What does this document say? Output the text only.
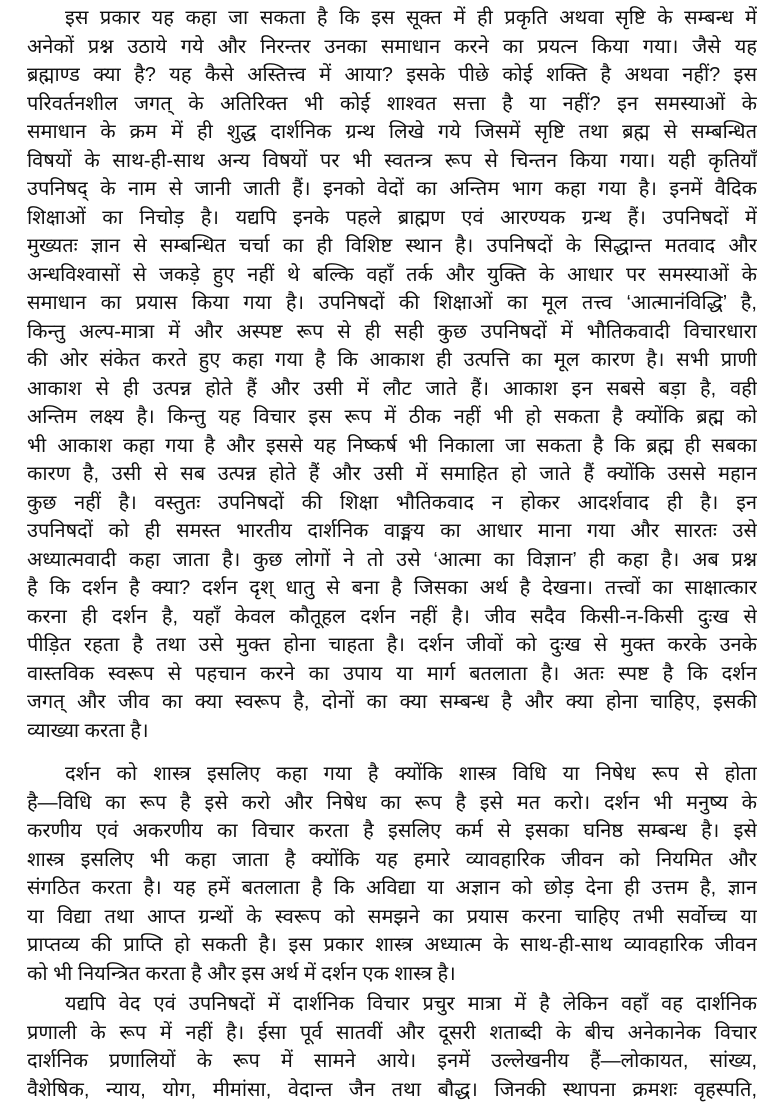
इस प्रकार यह कहा जा सकता है कि इस सूक्त में ही प्रकृति अथवा सृष्टि के सम्बन्ध में
अनेकों प्रश्न उठाये गये और निरन्तर उनका समाधान करने का प्रयत्न किया गया। जैसे यह
ब्रह्माण्ड क्या है? यह कैसे अस्तित्त्व में आया? इसके पीछे कोई शक्ति है अथवा नहीं? इस
परिवर्तनशील जगत् के अतिरिक्त भी कोई शाश्वत सत्ता है या नहीं? इन समस्याओं के
समाधान के क्रम में ही शुद्ध दार्शनिक ग्रन्थ लिखे गये जिसमें सृष्टि तथा ब्रह्म से सम्बन्धित
विषयों के साथ-ही-साथ अन्य विषयों पर भी स्वतन्त्र रूप से चिन्तन किया गया। यही कृतियाँ
उपनिषद् के नाम से जानी जाती हैं। इनको वेदों का अन्तिम भाग कहा गया है। इनमें वैदिक
शिक्षाओं का निचोड़ है। यद्यपि इनके पहले ब्राह्मण एवं आरण्यक ग्रन्थ हैं। उपनिषदों में
मुख्यतः ज्ञान से सम्बन्धित चर्चा का ही विशिष्ट स्थान है। उपनिषदों के सिद्धान्त मतवाद और
अन्धविश्वासों से जकड़े हुए नहीं थे बल्कि वहाँ तर्क और युक्ति के आधार पर समस्याओं के
समाधान का प्रयास किया गया है। उपनिषदों की शिक्षाओं का मूल तत्त्व ‘आत्मानंविद्धि’ है,
किन्तु अल्प-मात्रा में और अस्पष्ट रूप से ही सही कुछ उपनिषदों में भौतिकवादी विचारधारा
की ओर संकेत करते हुए कहा गया है कि आकाश ही उत्पत्ति का मूल कारण है। सभी प्राणी
आकाश से ही उत्पन्न होते हैं और उसी में लौट जाते हैं। आकाश इन सबसे बड़ा है, वही
अन्तिम लक्ष्य है। किन्तु यह विचार इस रूप में ठीक नहीं भी हो सकता है क्योंकि ब्रह्म को
भी आकाश कहा गया है और इससे यह निष्कर्ष भी निकाला जा सकता है कि ब्रह्म ही सबका
कारण है, उसी से सब उत्पन्न होते हैं और उसी में समाहित हो जाते हैं क्योंकि उससे महान
कुछ नहीं है। वस्तुतः उपनिषदों की शिक्षा भौतिकवाद न होकर आदर्शवाद ही है। इन
उपनिषदों को ही समस्त भारतीय दार्शनिक वाङ्मय का आधार माना गया और सारतः उसे
अध्यात्मवादी कहा जाता है। कुछ लोगों ने तो उसे ‘आत्मा का विज्ञान’ ही कहा है। अब प्रश्न
है कि दर्शन है क्या? दर्शन दृश् धातु से बना है जिसका अर्थ है देखना। तत्त्वों का साक्षात्कार
करना ही दर्शन है, यहाँ केवल कौतूहल दर्शन नहीं है। जीव सदैव किसी-न-किसी दुःख से
पीड़ित रहता है तथा उसे मुक्त होना चाहता है। दर्शन जीवों को दुःख से मुक्त करके उनके
वास्तविक स्वरूप से पहचान करने का उपाय या मार्ग बतलाता है। अतः स्पष्ट है कि दर्शन
जगत् और जीव का क्या स्वरूप है, दोनों का क्या सम्बन्ध है और क्या होना चाहिए, इसकी
व्याख्या करता है।
दर्शन को शास्त्र इसलिए कहा गया है क्योंकि शास्त्र विधि या निषेध रूप से होता
है—विधि का रूप है इसे करो और निषेध का रूप है इसे मत करो। दर्शन भी मनुष्य के
करणीय एवं अकरणीय का विचार करता है इसलिए कर्म से इसका घनिष्ठ सम्बन्ध है। इसे
शास्त्र इसलिए भी कहा जाता है क्योंकि यह हमारे व्यावहारिक जीवन को नियमित और
संगठित करता है। यह हमें बतलाता है कि अविद्या या अज्ञान को छोड़ देना ही उत्तम है, ज्ञान
या विद्या तथा आप्त ग्रन्थों के स्वरूप को समझने का प्रयास करना चाहिए तभी सर्वोच्च या
प्राप्तव्य की प्राप्ति हो सकती है। इस प्रकार शास्त्र अध्यात्म के साथ-ही-साथ व्यावहारिक जीवन
को भी नियन्त्रित करता है और इस अर्थ में दर्शन एक शास्त्र है।
यद्यपि वेद एवं उपनिषदों में दार्शनिक विचार प्रचुर मात्रा में है लेकिन वहाँ वह दार्शनिक
प्रणाली के रूप में नहीं है। ईसा पूर्व सातवीं और दूसरी शताब्दी के बीच अनेकानेक विचार
दार्शनिक प्रणालियों के रूप में सामने आये। इनमें उल्लेखनीय हैं—लोकायत, सांख्य,
वैशेषिक, न्याय, योग, मीमांसा, वेदान्त जैन तथा बौद्ध। जिनकी स्थापना क्रमशः वृहस्पति,
